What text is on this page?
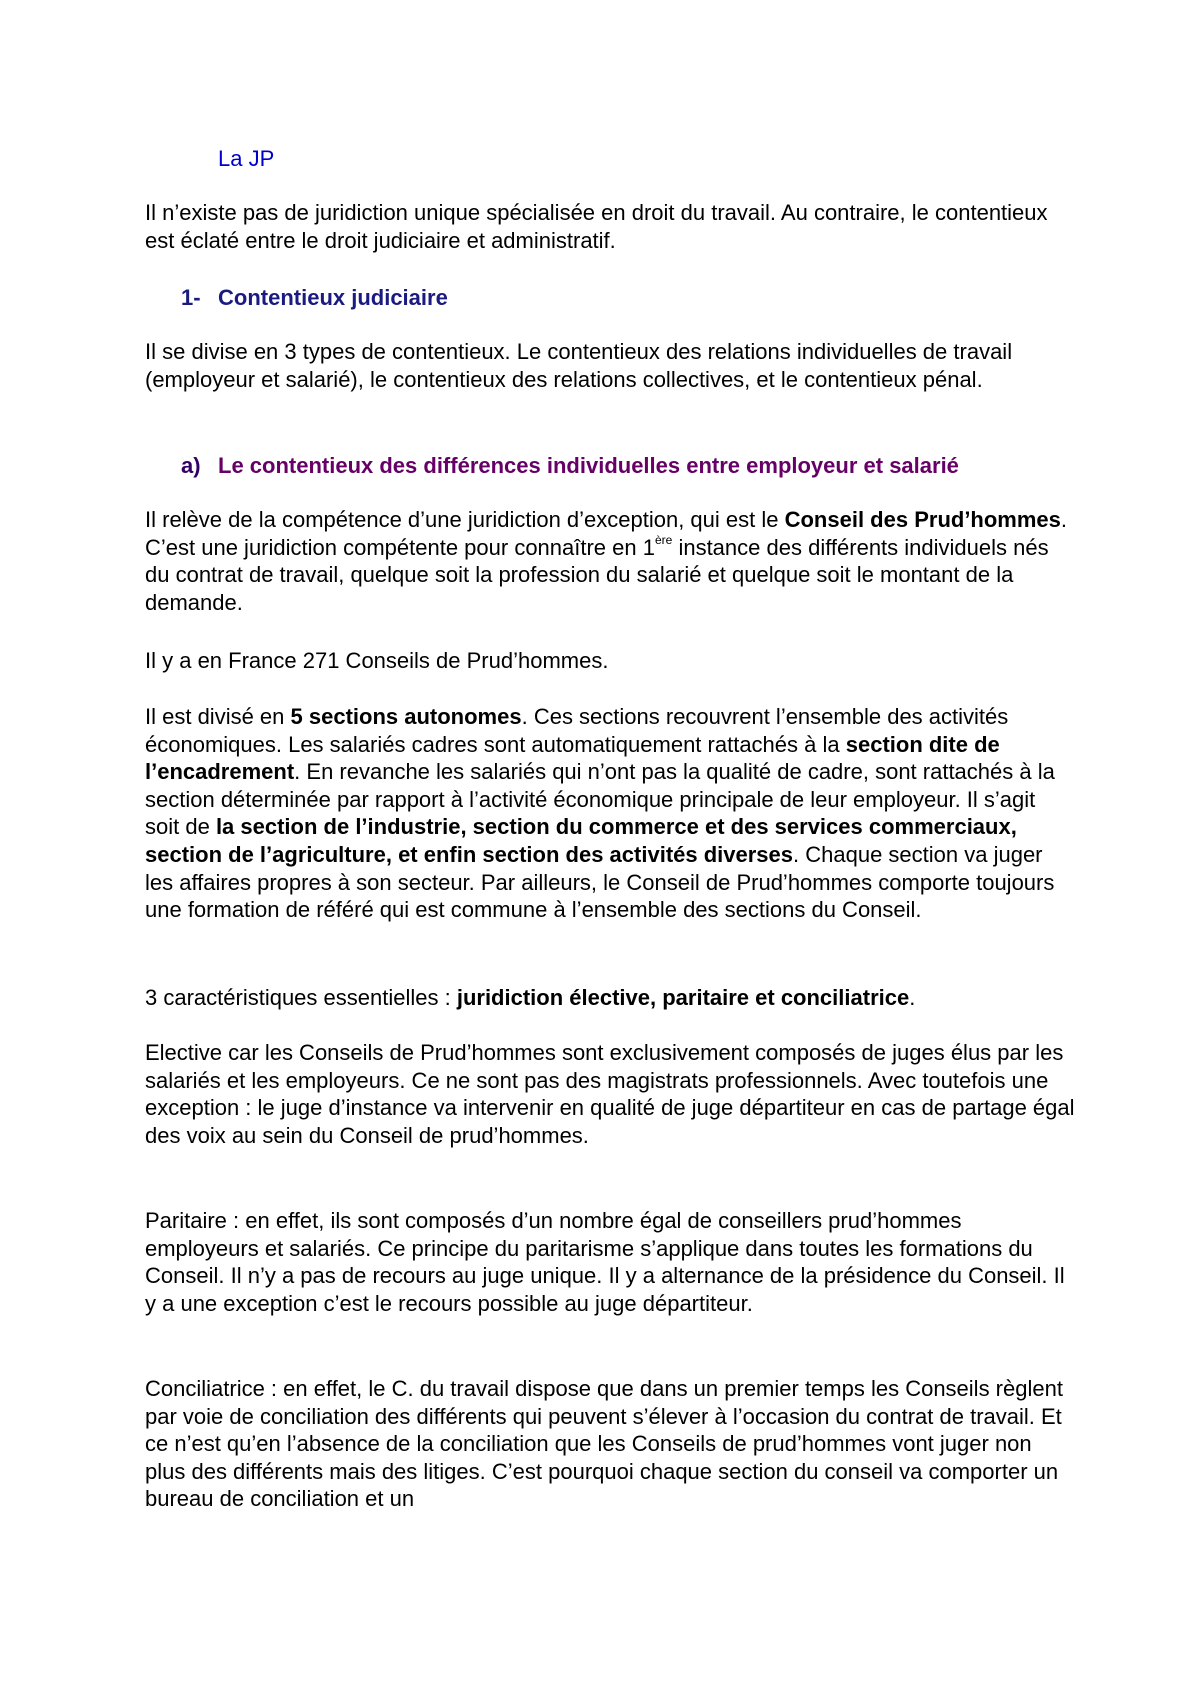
La JP

Il n’existe pas de juridiction unique spécialisée en droit du travail. Au contraire, le contentieux est éclaté entre le droit judiciaire et administratif.

1- Contentieux judiciaire

Il se divise en 3 types de contentieux. Le contentieux des relations individuelles de travail (employeur et salarié), le contentieux des relations collectives, et le contentieux pénal.

a) Le contentieux des différences individuelles entre employeur et salarié

Il relève de la compétence d’une juridiction d’exception, qui est le Conseil des Prud’hommes. C’est une juridiction compétente pour connaître en 1ère instance des différents individuels nés du contrat de travail, quelque soit la profession du salarié et quelque soit le montant de la demande.

Il y a en France 271 Conseils de Prud’hommes.

Il est divisé en 5 sections autonomes. Ces sections recouvrent l’ensemble des activités économiques. Les salariés cadres sont automatiquement rattachés à la section dite de l’encadrement. En revanche les salariés qui n’ont pas la qualité de cadre, sont rattachés à la section déterminée par rapport à l’activité économique principale de leur employeur. Il s’agit soit de la section de l’industrie, section du commerce et des services commerciaux, section de l’agriculture, et enfin section des activités diverses. Chaque section va juger les affaires propres à son secteur. Par ailleurs, le Conseil de Prud’hommes comporte toujours une formation de référé qui est commune à l’ensemble des sections du Conseil.

3 caractéristiques essentielles : juridiction élective, paritaire et conciliatrice.

Elective car les Conseils de Prud’hommes sont exclusivement composés de juges élus par les salariés et les employeurs. Ce ne sont pas des magistrats professionnels. Avec toutefois une exception : le juge d’instance va intervenir en qualité de juge départiteur en cas de partage égal des voix au sein du Conseil de prud’hommes.

Paritaire : en effet, ils sont composés d’un nombre égal de conseillers prud’hommes employeurs et salariés. Ce principe du paritarisme s’applique dans toutes les formations du Conseil. Il n’y a pas de recours au juge unique. Il y a alternance de la présidence du Conseil. Il y a une exception c’est le recours possible au juge départiteur.

Conciliatrice : en effet, le C. du travail dispose que dans un premier temps les Conseils règlent par voie de conciliation des différents qui peuvent s’élever à l’occasion du contrat de travail. Et ce n’est qu’en l’absence de la conciliation que les Conseils de prud’hommes vont juger non plus des différents mais des litiges. C’est pourquoi chaque section du conseil va comporter un bureau de conciliation et un
